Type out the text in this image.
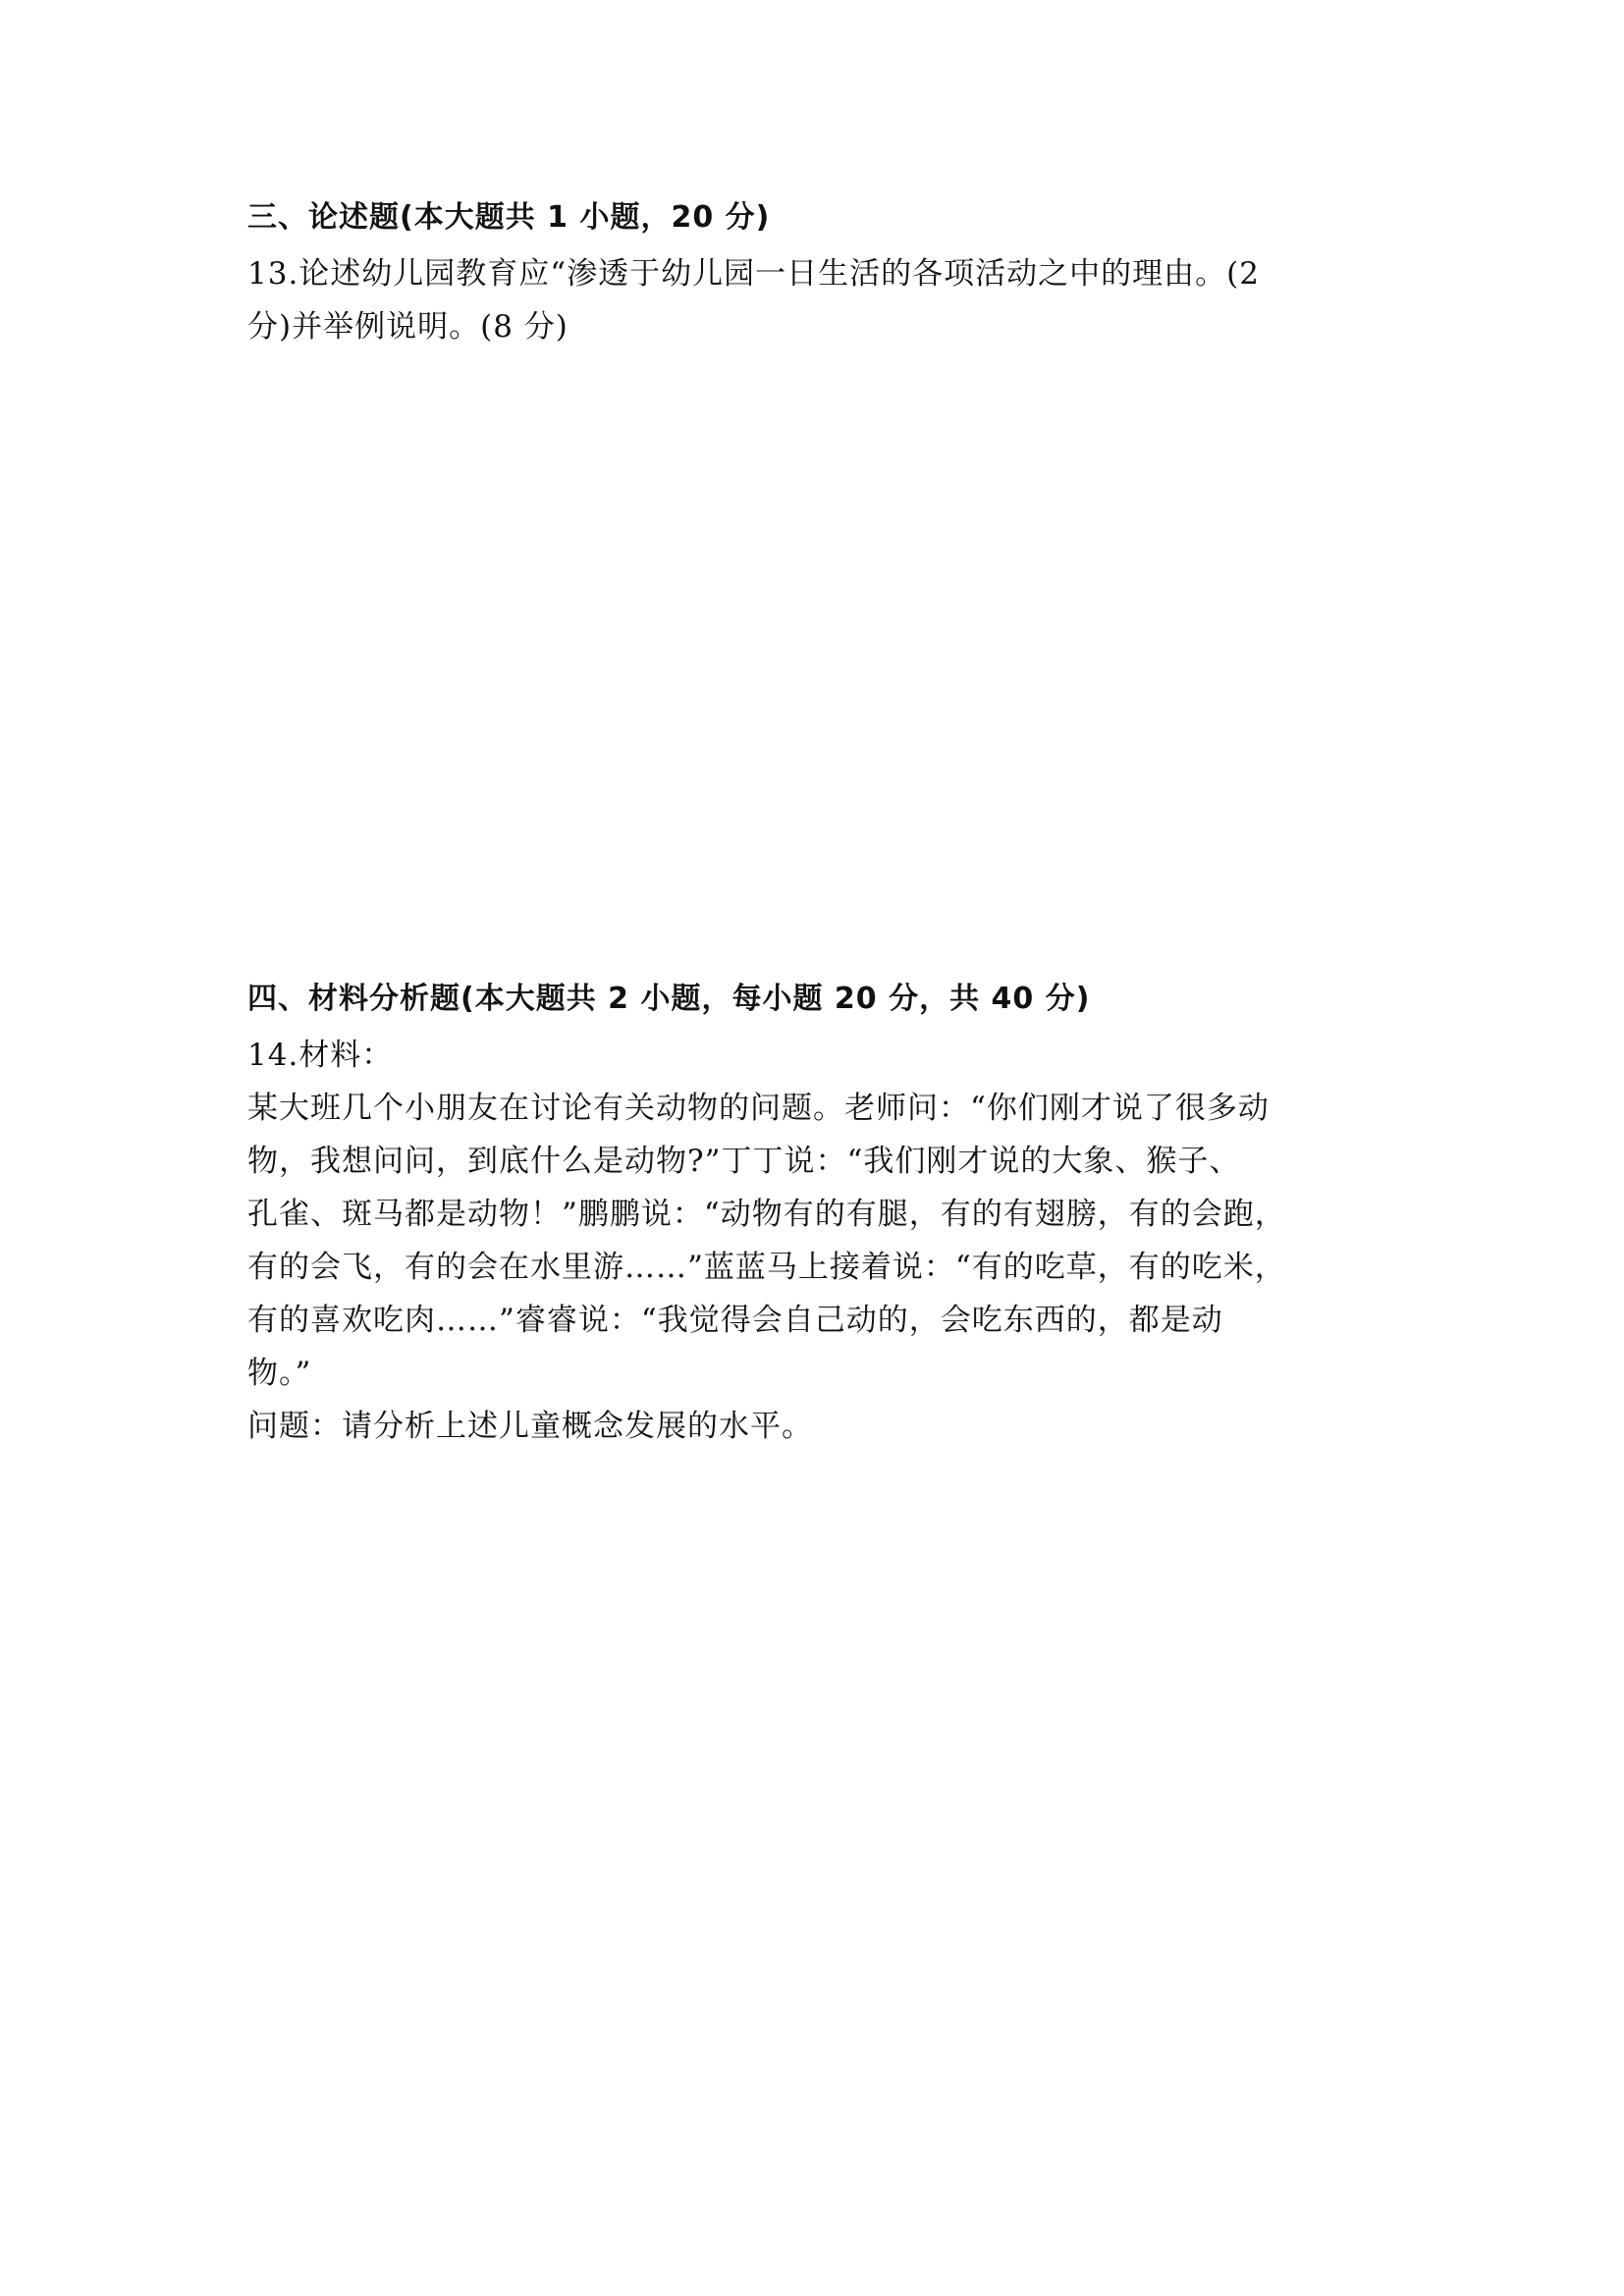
三、论述题(本大题共 1 小题，20 分)
13.论述幼儿园教育应“渗透于幼儿园一日生活的各项活动之中的理由。(2
分)并举例说明。(8 分)
四、材料分析题(本大题共 2 小题，每小题 20 分，共 40 分)
14.材料：
某大班几个小朋友在讨论有关动物的问题。老师问：“你们刚才说了很多动
物，我想问问，到底什么是动物?”丁丁说：“我们刚才说的大象、猴子、
孔雀、斑马都是动物！”鹏鹏说：“动物有的有腿，有的有翅膀，有的会跑，
有的会飞，有的会在水里游……”蓝蓝马上接着说：“有的吃草，有的吃米，
有的喜欢吃肉……”睿睿说：“我觉得会自己动的，会吃东西的，都是动
物。”
问题：请分析上述儿童概念发展的水平。
